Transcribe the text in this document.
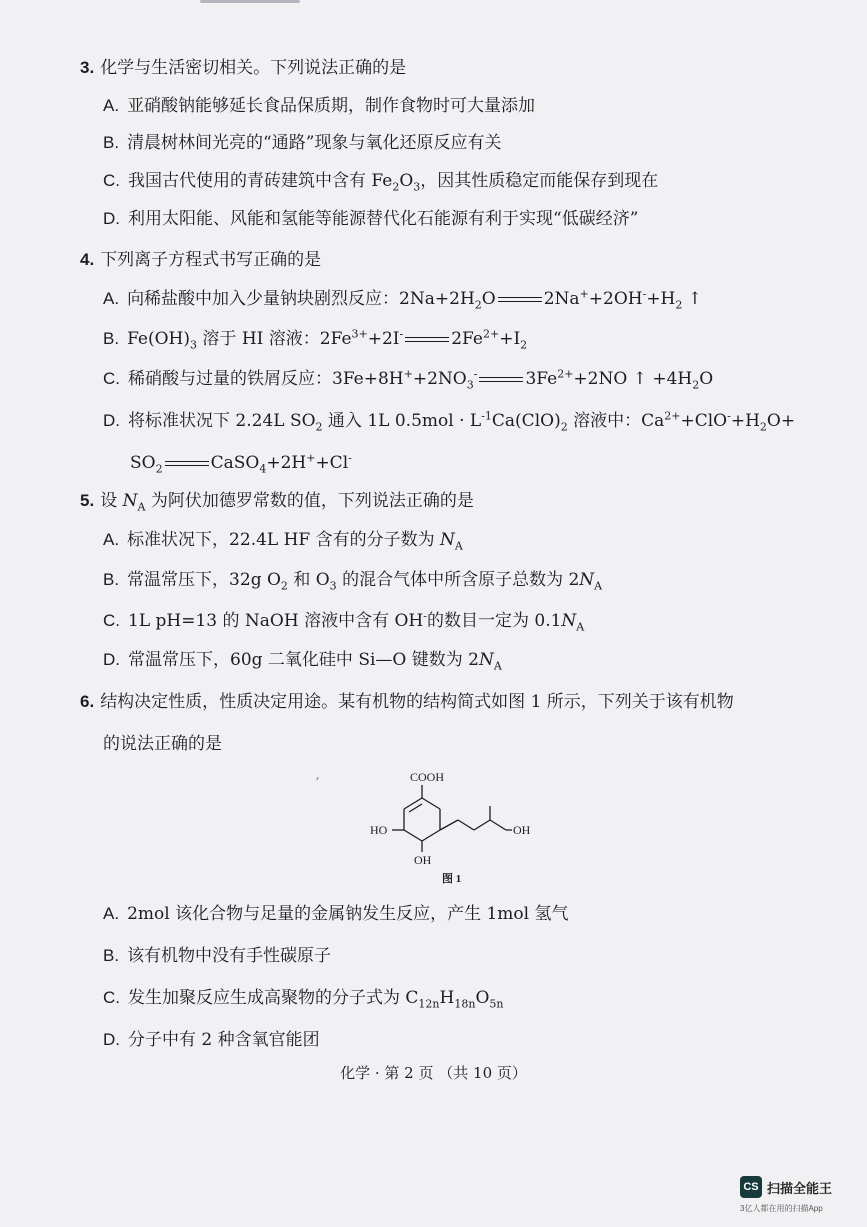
3. 化学与生活密切相关。下列说法正确的是
A. 亚硝酸钠能够延长食品保质期，制作食物时可大量添加
B. 清晨树林间光亮的“通路”现象与氧化还原反应有关
C. 我国古代使用的青砖建筑中含有 $Fe_2O_3$，因其性质稳定而能保存到现在
D. 利用太阳能、风能和氢能等能源替代化石能源有利于实现“低碳经济”
4. 下列离子方程式书写正确的是
A. 向稀盐酸中加入少量钠块剧烈反应：$2Na+2H_2O$	$2Na^++2OH^-+H_2$ ↑
B. $Fe(OH)_3$ 溶于 HI 溶液：$2Fe^{3+}+2I^-$	$2Fe^{2+}+I_2$
C. 稀硝酸与过量的铁屑反应：$3Fe+8H^++2NO_3^-$	$3Fe^{2+}+2NO$ ↑ $+4H_2O$
D. 将标准状况下 2.24L $SO_2$ 通入 1L $0.5mol \cdot L^{-1}Ca(ClO)_2$ 溶液中：$Ca^{2+}+ClO^-+H_2O+$
$SO_2$	CaSO$_4$+2H++Cl-
5. 设 $N_A$ 为阿伏加德罗常数的值，下列说法正确的是
A. 标准状况下，22.4L HF 含有的分子数为 $N_A$
B. 常温常压下，32g $O_2$ 和 $O_3$ 的混合气体中所含原子总数为 $2N_A$
C. 1L pH=13 的 NaOH 溶液中含有 OH-的数目一定为 $0.1N_A$
D. 常温常压下，60g 二氧化硅中 Si—O 键数为 $2N_A$
6. 结构决定性质，性质决定用途。某有机物的结构简式如图 1 所示，下列关于该有机物
的说法正确的是
COOH
HO
OH
OH
图 1
A. 2mol 该化合物与足量的金属钠发生反应，产生 1mol 氢气
B. 该有机物中没有手性碳原子
C. 发生加聚反应生成高聚物的分子式为 $C_{12n}H_{18n}O_{5n}$
D. 分子中有 2 种含氧官能团
化学 · 第 2 页 （共 10 页）
CS 扫描全能王
3亿人都在用的扫描App
